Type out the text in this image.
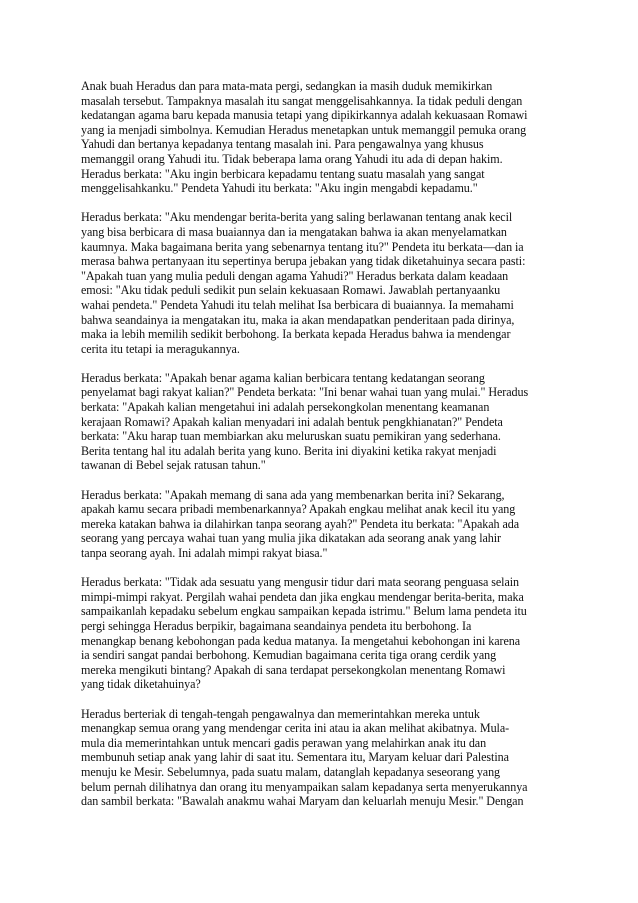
Anak buah Heradus dan para mata-mata pergi, sedangkan ia masih duduk memikirkan
masalah tersebut. Tampaknya masalah itu sangat menggelisahkannya. Ia tidak peduli dengan
kedatangan agama baru kepada manusia tetapi yang dipikirkannya adalah kekuasaan Romawi
yang ia menjadi simbolnya. Kemudian Heradus menetapkan untuk memanggil pemuka orang
Yahudi dan bertanya kepadanya tentang masalah ini. Para pengawalnya yang khusus
memanggil orang Yahudi itu. Tidak beberapa lama orang Yahudi itu ada di depan hakim.
Heradus berkata: "Aku ingin berbicara kepadamu tentang suatu masalah yang sangat
menggelisahkanku." Pendeta Yahudi itu berkata: "Aku ingin mengabdi kepadamu."

Heradus berkata: "Aku mendengar berita-berita yang saling berlawanan tentang anak kecil
yang bisa berbicara di masa buaiannya dan ia mengatakan bahwa ia akan menyelamatkan
kaumnya. Maka bagaimana berita yang sebenarnya tentang itu?" Pendeta itu berkata—dan ia
merasa bahwa pertanyaan itu sepertinya berupa jebakan yang tidak diketahuinya secara pasti:
"Apakah tuan yang mulia peduli dengan agama Yahudi?" Heradus berkata dalam keadaan
emosi: "Aku tidak peduli sedikit pun selain kekuasaan Romawi. Jawablah pertanyaanku
wahai pendeta." Pendeta Yahudi itu telah melihat Isa berbicara di buaiannya. Ia memahami
bahwa seandainya ia mengatakan itu, maka ia akan mendapatkan penderitaan pada dirinya,
maka ia lebih memilih sedikit berbohong. Ia berkata kepada Heradus bahwa ia mendengar
cerita itu tetapi ia meragukannya.

Heradus berkata: "Apakah benar agama kalian berbicara tentang kedatangan seorang
penyelamat bagi rakyat kalian?" Pendeta berkata: "Ini benar wahai tuan yang mulai." Heradus
berkata: "Apakah kalian mengetahui ini adalah persekongkolan menentang keamanan
kerajaan Romawi? Apakah kalian menyadari ini adalah bentuk pengkhianatan?" Pendeta
berkata: "Aku harap tuan membiarkan aku meluruskan suatu pemikiran yang sederhana.
Berita tentang hal itu adalah berita yang kuno. Berita ini diyakini ketika rakyat menjadi
tawanan di Bebel sejak ratusan tahun."

Heradus berkata: "Apakah memang di sana ada yang membenarkan berita ini? Sekarang,
apakah kamu secara pribadi membenarkannya? Apakah engkau melihat anak kecil itu yang
mereka katakan bahwa ia dilahirkan tanpa seorang ayah?" Pendeta itu berkata: "Apakah ada
seorang yang percaya wahai tuan yang mulia jika dikatakan ada seorang anak yang lahir
tanpa seorang ayah. Ini adalah mimpi rakyat biasa."

Heradus berkata: "Tidak ada sesuatu yang mengusir tidur dari mata seorang penguasa selain
mimpi-mimpi rakyat. Pergilah wahai pendeta dan jika engkau mendengar berita-berita, maka
sampaikanlah kepadaku sebelum engkau sampaikan kepada istrimu." Belum lama pendeta itu
pergi sehingga Heradus berpikir, bagaimana seandainya pendeta itu berbohong. Ia
menangkap benang kebohongan pada kedua matanya. Ia mengetahui kebohongan ini karena
ia sendiri sangat pandai berbohong. Kemudian bagaimana cerita tiga orang cerdik yang
mereka mengikuti bintang? Apakah di sana terdapat persekongkolan menentang Romawi
yang tidak diketahuinya?

Heradus berteriak di tengah-tengah pengawalnya dan memerintahkan mereka untuk
menangkap semua orang yang mendengar cerita ini atau ia akan melihat akibatnya. Mula-
mula dia memerintahkan untuk mencari gadis perawan yang melahirkan anak itu dan
membunuh setiap anak yang lahir di saat itu. Sementara itu, Maryam keluar dari Palestina
menuju ke Mesir. Sebelumnya, pada suatu malam, datanglah kepadanya seseorang yang
belum pernah dilihatnya dan orang itu menyampaikan salam kepadanya serta menyerukannya
dan sambil berkata: "Bawalah anakmu wahai Maryam dan keluarlah menuju Mesir." Dengan
